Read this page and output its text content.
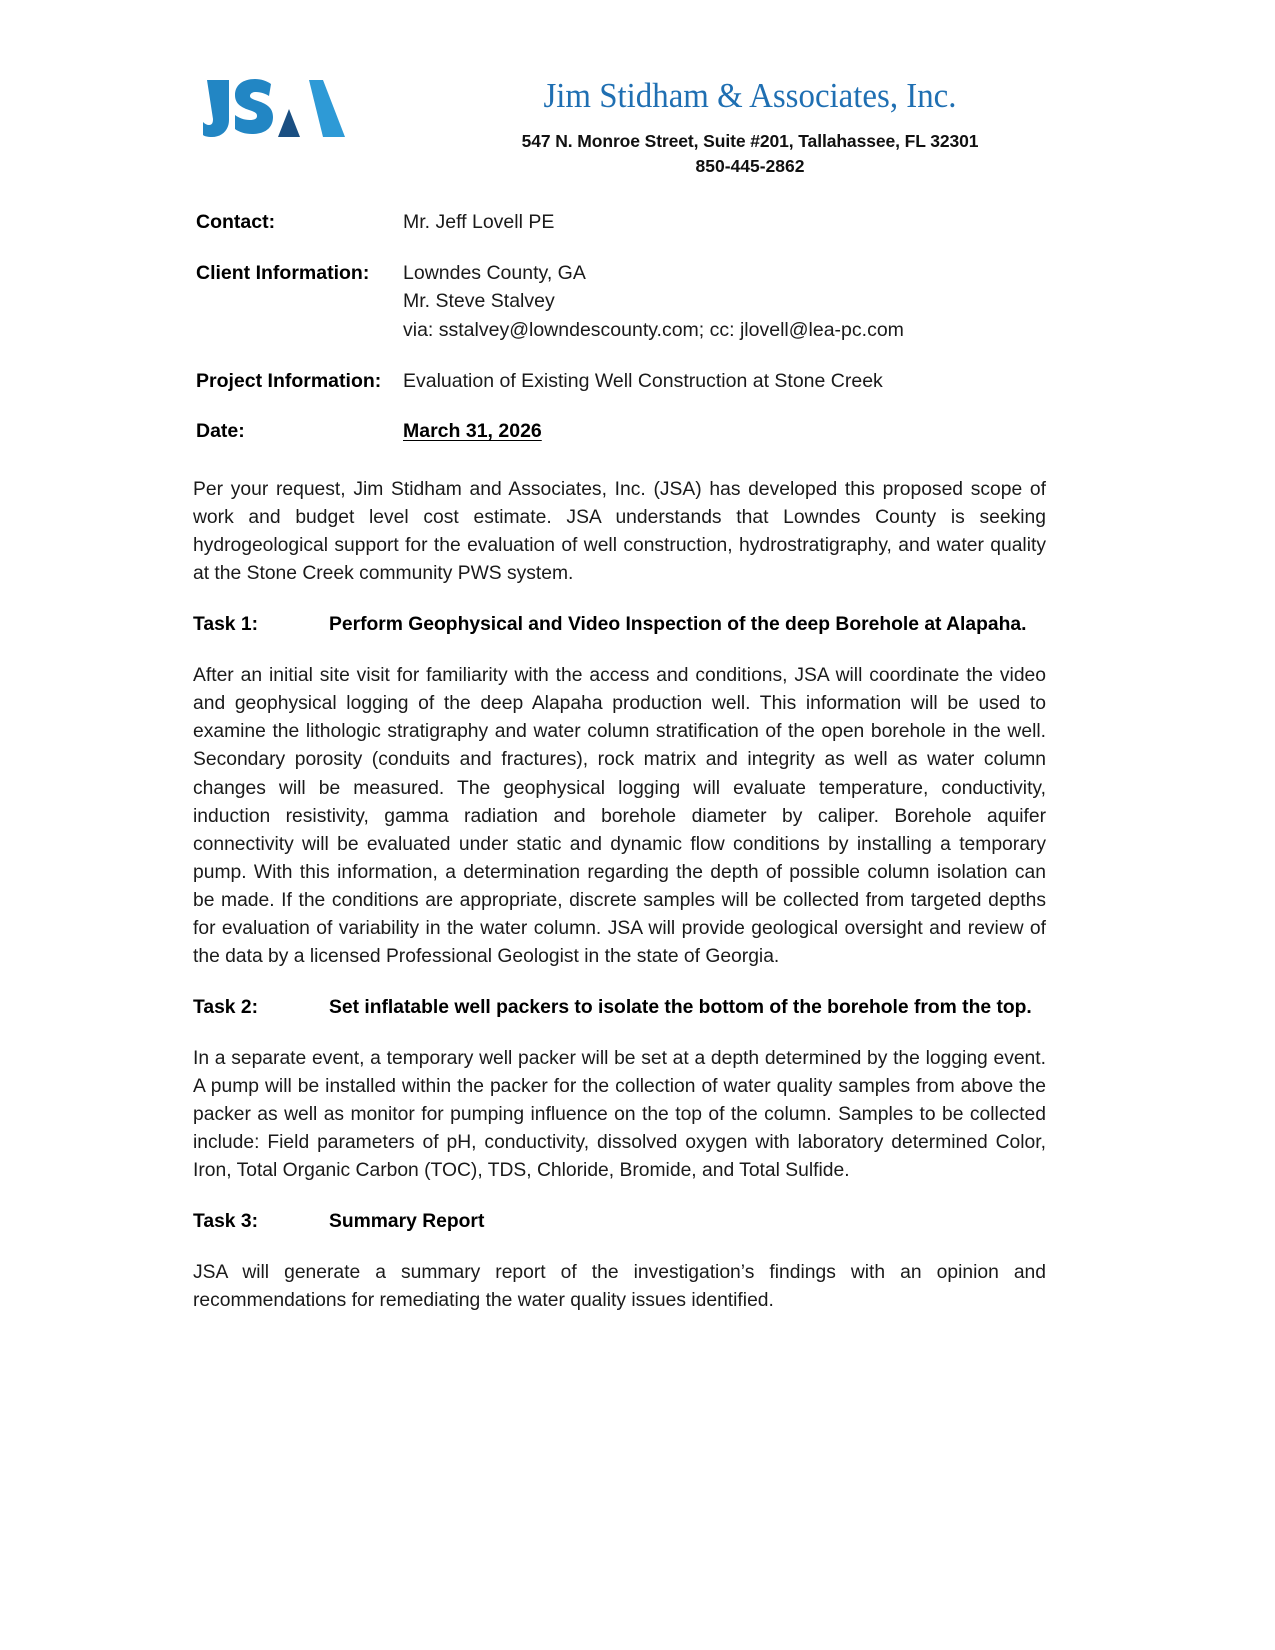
Jim Stidham & Associates, Inc.
547 N. Monroe Street, Suite #201, Tallahassee, FL 32301
850-445-2862
Contact:	Mr. Jeff Lovell PE
Client Information:	Lowndes County, GA
Mr. Steve Stalvey
via: sstalvey@lowndescounty.com; cc: jlovell@lea-pc.com
Project Information:	Evaluation of Existing Well Construction at Stone Creek
Date:	March 31, 2026

Per your request, Jim Stidham and Associates, Inc. (JSA) has developed this proposed scope of work and budget level cost estimate. JSA understands that Lowndes County is seeking hydrogeological support for the evaluation of well construction, hydrostratigraphy, and water quality at the Stone Creek community PWS system.

Task 1:	Perform Geophysical and Video Inspection of the deep Borehole at Alapaha.

After an initial site visit for familiarity with the access and conditions, JSA will coordinate the video and geophysical logging of the deep Alapaha production well. This information will be used to examine the lithologic stratigraphy and water column stratification of the open borehole in the well. Secondary porosity (conduits and fractures), rock matrix and integrity as well as water column changes will be measured. The geophysical logging will evaluate temperature, conductivity, induction resistivity, gamma radiation and borehole diameter by caliper. Borehole aquifer connectivity will be evaluated under static and dynamic flow conditions by installing a temporary pump. With this information, a determination regarding the depth of possible column isolation can be made. If the conditions are appropriate, discrete samples will be collected from targeted depths for evaluation of variability in the water column. JSA will provide geological oversight and review of the data by a licensed Professional Geologist in the state of Georgia.

Task 2:	Set inflatable well packers to isolate the bottom of the borehole from the top.

In a separate event, a temporary well packer will be set at a depth determined by the logging event. A pump will be installed within the packer for the collection of water quality samples from above the packer as well as monitor for pumping influence on the top of the column. Samples to be collected include: Field parameters of pH, conductivity, dissolved oxygen with laboratory determined Color, Iron, Total Organic Carbon (TOC), TDS, Chloride, Bromide, and Total Sulfide.

Task 3:	Summary Report

JSA will generate a summary report of the investigation’s findings with an opinion and recommendations for remediating the water quality issues identified.
